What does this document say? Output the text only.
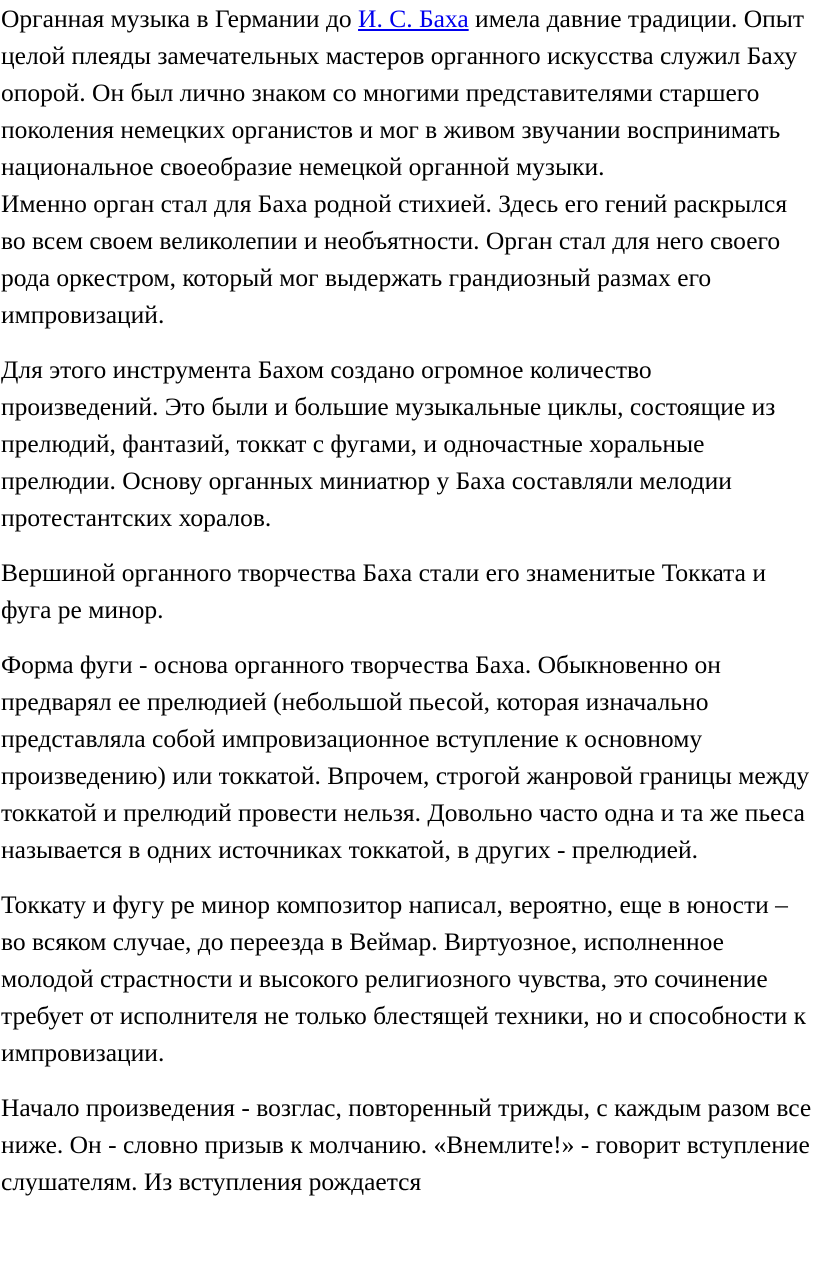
Органная музыка в Германии до И. С. Баха имела давние традиции. Опыт целой плеяды замечательных мастеров органного искусства служил Баху опорой. Он был лично знаком со многими представителями старшего поколения немецких органистов и мог в живом звучании воспринимать национальное своеобразие немецкой органной музыки.

Именно орган стал для Баха родной стихией. Здесь его гений раскрылся во всем своем великолепии и необъятности. Орган стал для него своего рода оркестром, который мог выдержать грандиозный размах его импровизаций.

Для этого инструмента Бахом создано огромное количество произведений. Это были и большие музыкальные циклы, состоящие из прелюдий, фантазий, токкат с фугами, и одночастные хоральные прелюдии. Основу органных миниатюр у Баха составляли мелодии протестантских хоралов.

Вершиной органного творчества Баха стали его знаменитые Токката и фуга ре минор.

Форма фуги - основа органного творчества Баха. Обыкновенно он предварял ее прелюдией (небольшой пьесой, которая изначально представляла собой импровизационное вступление к основному произведению) или токкатой. Впрочем, строгой жанровой границы между токкатой и прелюдий провести нельзя. Довольно часто одна и та же пьеса называется в одних источниках токкатой, в других - прелюдией.

Токкату и фугу ре минор композитор написал, вероятно, еще в юности – во всяком случае, до переезда в Веймар. Виртуозное, исполненное молодой страстности и высокого религиозного чувства, это сочинение требует от исполнителя не только блестящей техники, но и способности к импровизации.

Начало произведения - возглас, повторенный трижды, с каждым разом все ниже. Он - словно призыв к молчанию. «Внемлите!» - говорит вступление слушателям. Из вступления рождается
